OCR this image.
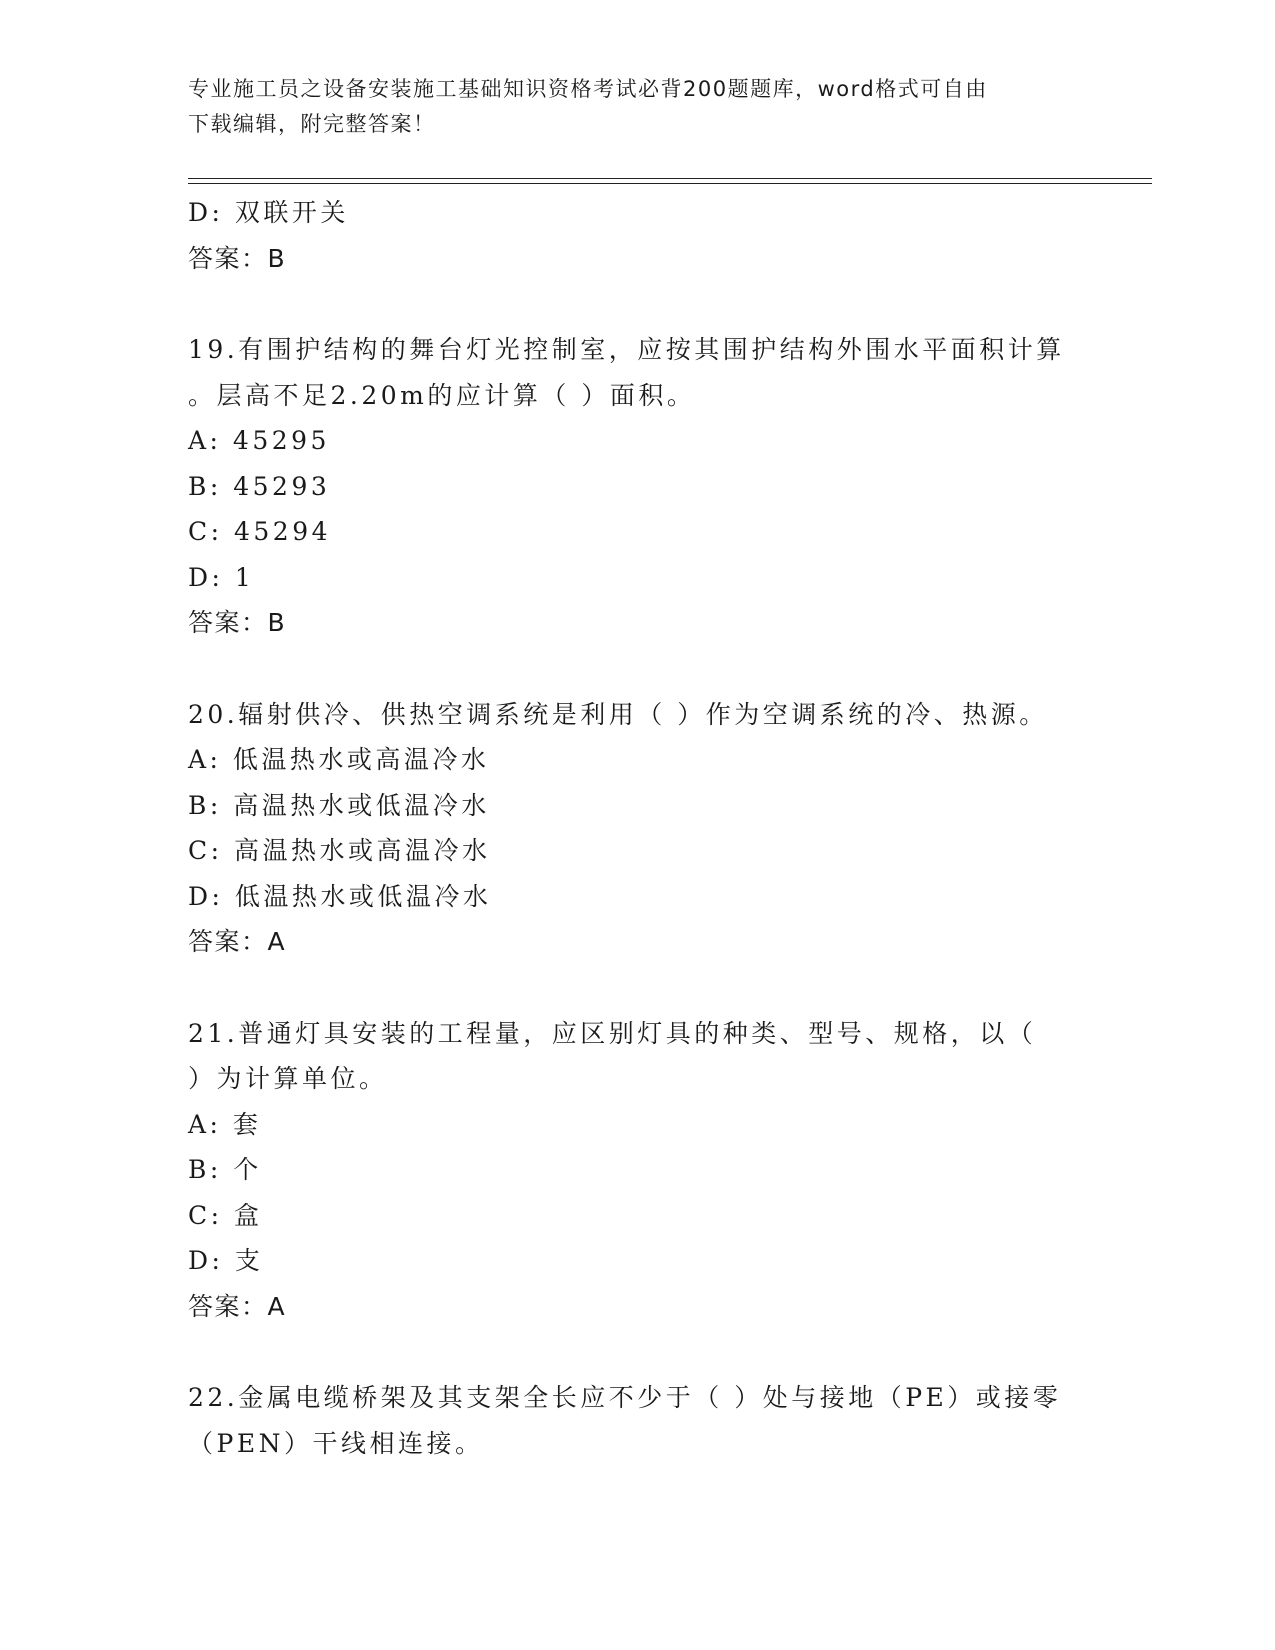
专业施工员之设备安装施工基础知识资格考试必背200题题库，word格式可自由
下载编辑，附完整答案！
D: 双联开关
答案：B
19.有围护结构的舞台灯光控制室，应按其围护结构外围水平面积计算
。层高不足2.20m的应计算（ ）面积。
A: 45295
B: 45293
C: 45294
D: 1
答案：B
20.辐射供冷、供热空调系统是利用（ ）作为空调系统的冷、热源。
A: 低温热水或高温冷水
B: 高温热水或低温冷水
C: 高温热水或高温冷水
D: 低温热水或低温冷水
答案：A
21.普通灯具安装的工程量，应区别灯具的种类、型号、规格，以（
）为计算单位。
A: 套
B: 个
C: 盒
D: 支
答案：A
22.金属电缆桥架及其支架全长应不少于（ ）处与接地（PE）或接零
（PEN）干线相连接。
